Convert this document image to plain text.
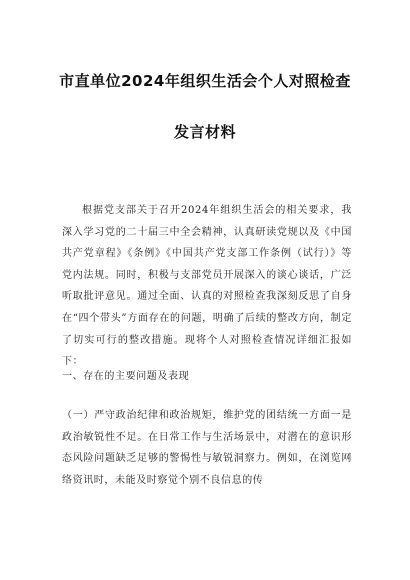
市直单位2024年组织生活会个人对照检查
发言材料
根据党支部关于召开2024年组织生活会的相关要求，我深入学习党的二十届三中全会精神，认真研读党规以及《中国共产党章程》《条例》《中国共产党支部工作条例（试行）》等党内法规。同时，积极与支部党员开展深入的谈心谈话，广泛听取批评意见。通过全面、认真的对照检查我深刻反思了自身在“四个带头”方面存在的问题，明确了后续的整改方向，制定了切实可行的整改措施。现将个人对照检查情况详细汇报如下：
一、存在的主要问题及表现
（一）严守政治纪律和政治规矩，维护党的团结统一方面一是政治敏锐性不足。在日常工作与生活场景中，对潜在的意识形态风险问题缺乏足够的警惕性与敏锐洞察力。例如，在浏览网络资讯时，未能及时察觉个别不良信息的传
